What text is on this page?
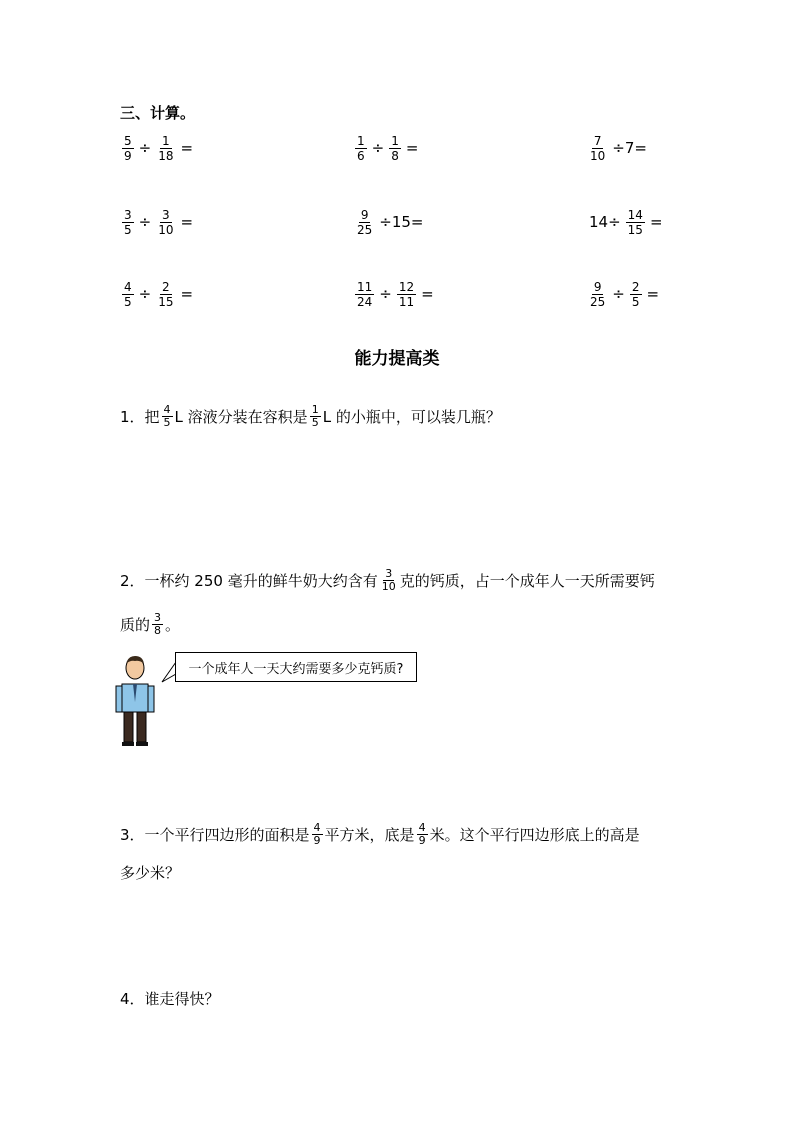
三、计算。
$\frac{5}{9} \div \frac{1}{18}$ =	$\frac{1}{6} \div \frac{1}{8}$ =	$\frac{7}{10} \div 7=$
$\frac{3}{5} \div \frac{3}{10}$ =	$\frac{9}{25} \div 15=$	$14\div \frac{14}{15}$ =
$\frac{4}{5} \div \frac{2}{15}$ =	$\frac{11}{24} \div \frac{12}{11}$ =	$\frac{9}{25} \div \frac{2}{5}$ =
能力提高类
1．把 $\frac{4}{5}$ L 溶液分装在容积是 $\frac{1}{5}$ L 的小瓶中，可以装几瓶？
2．一杯约 250 毫升的鲜牛奶大约含有 $\frac{3}{10}$ 克的钙质，占一个成年人一天所需要钙
质的 $\frac{3}{8}$ 。
一个成年人一天大约需要多少克钙质?
3．一个平行四边形的面积是 $\frac{4}{9}$ 平方米，底是 $\frac{4}{9}$ 米。这个平行四边形底上的高是
多少米？
4．谁走得快？
